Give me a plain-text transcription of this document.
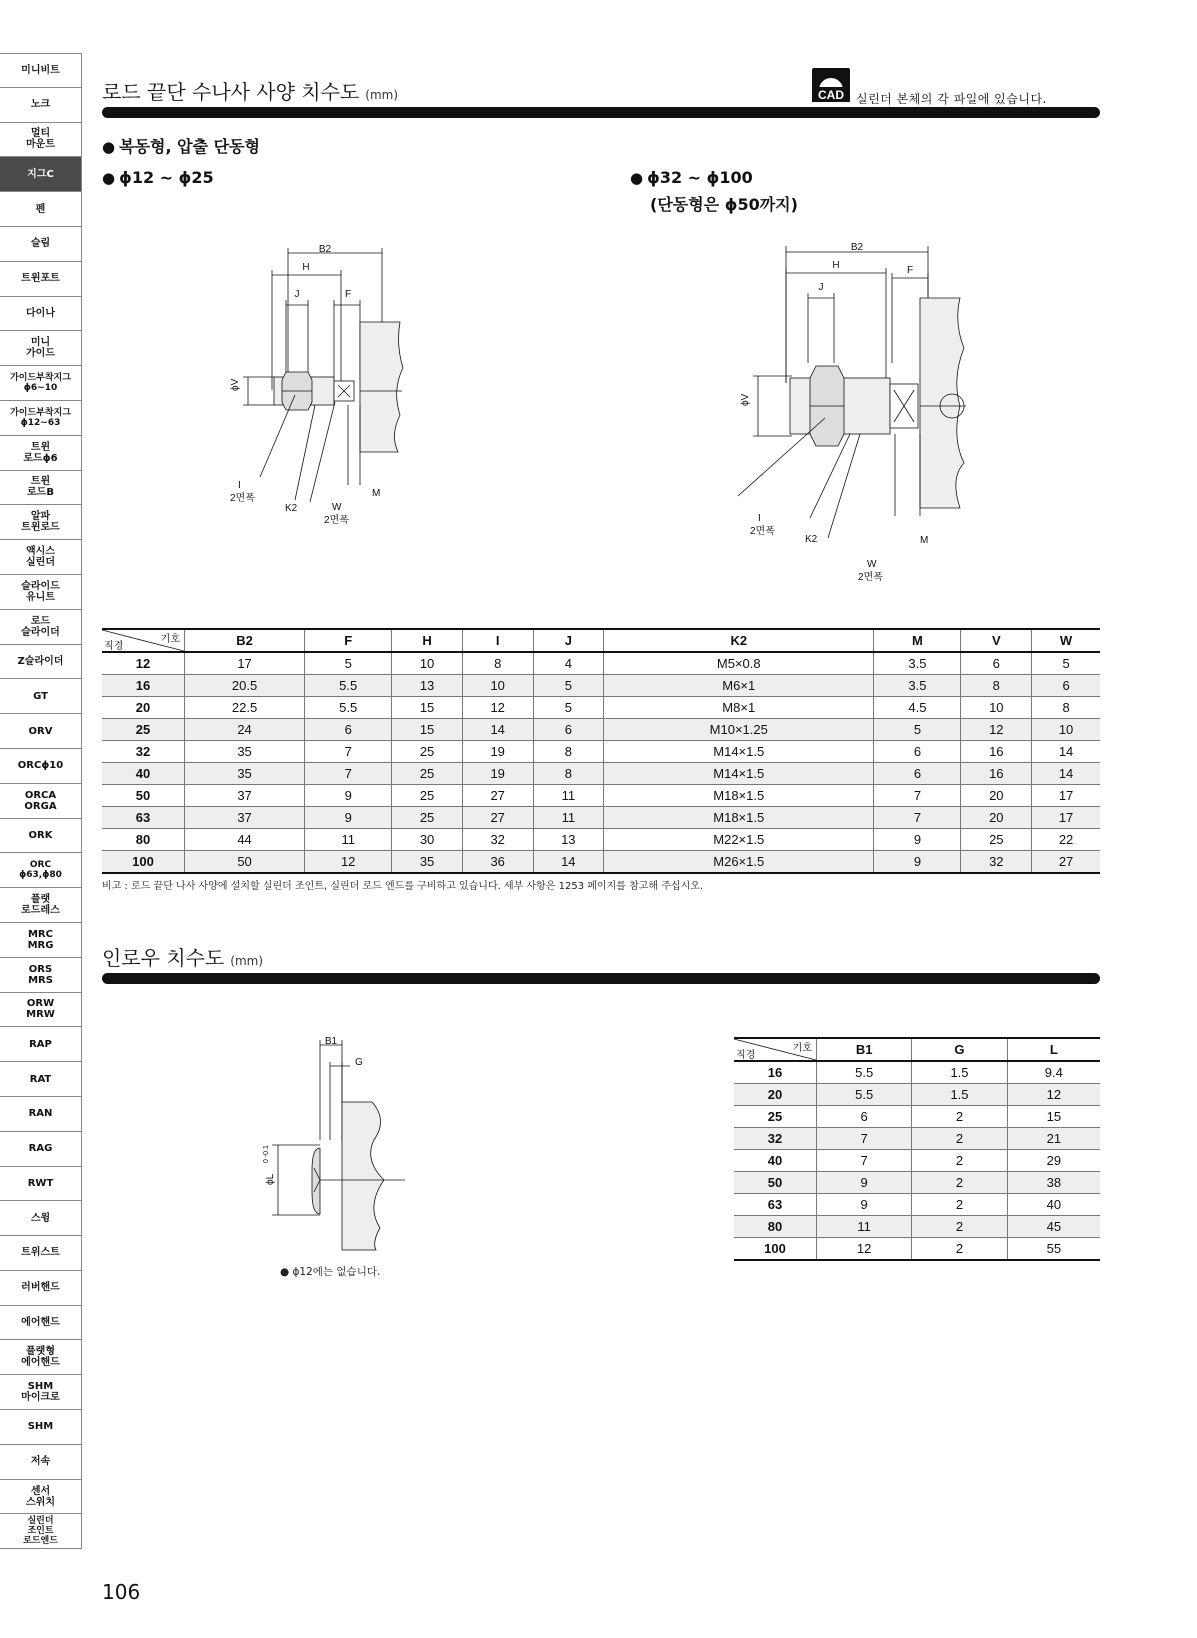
미니비트
노크
멀티
마운트
지그C
펜
슬림
트윈포트
다이나
미니
가이드
가이드부착지그
ϕ6~10
가이드부착지그
ϕ12~63
트윈
로드ϕ6
트윈
로드B
알파
트윈로드
액시스
실린더
슬라이드
유니트
로드
슬라이더
Z슬라이더
GT
ORV
ORCϕ10
ORCA
ORGA
ORK
ORC
ϕ63,ϕ80
플랫
로드레스
MRC
MRG
ORS
MRS
ORW
MRW
RAP
RAT
RAN
RAG
RWT
스윙
트위스트
러버핸드
에어핸드
플랫형
에어핸드
SHM
마이크로
SHM
저속
센서
스위치
실린더
조인트
로드엔드
106
로드 끝단 수나사 사양 치수도 (mm)	CAD 실린더 본체의 각 파일에 있습니다.
● 복동형, 압출 단동형
● ϕ12 ~ ϕ25	● ϕ32 ~ ϕ100
(단동형은 ϕ50까지)
B2
H
J	F
ϕV
I
2면폭
K2	W
2면폭
M
B2
H
J
F
ϕV
I
2면폭
K2
W
2면폭
M
기호
직경	B2	F	H	I	J	K2	M	V	W
12	17	5	10	8	4	M5×0.8	3.5	6	5
16	20.5	5.5	13	10	5	M6×1	3.5	8	6
20	22.5	5.5	15	12	5	M8×1	4.5	10	8
25	24	6	15	14	6	M10×1.25	5	12	10
32	35	7	25	19	8	M14×1.5	6	16	14
40	35	7	25	19	8	M14×1.5	6	16	14
50	37	9	25	27	11	M18×1.5	7	20	17
63	37	9	25	27	11	M18×1.5	7	20	17
80	44	11	30	32	13	M22×1.5	9	25	22
100	50	12	35	36	14	M26×1.5	9	32	27
비고 : 로드 끝단 나사 사양에 설치할 실린더 조인트, 실린더 로드 엔드를 구비하고 있습니다. 세부 사항은 1253 페이지를 참고해 주십시오.
인로우 치수도 (mm)
B1
G
ϕL
0 -0.1
● ϕ12에는 없습니다.
기호
직경	B1	G	L
16	5.5	1.5	9.4
20	5.5	1.5	12
25	6	2	15
32	7	2	21
40	7	2	29
50	9	2	38
63	9	2	40
80	11	2	45
100	12	2	55
